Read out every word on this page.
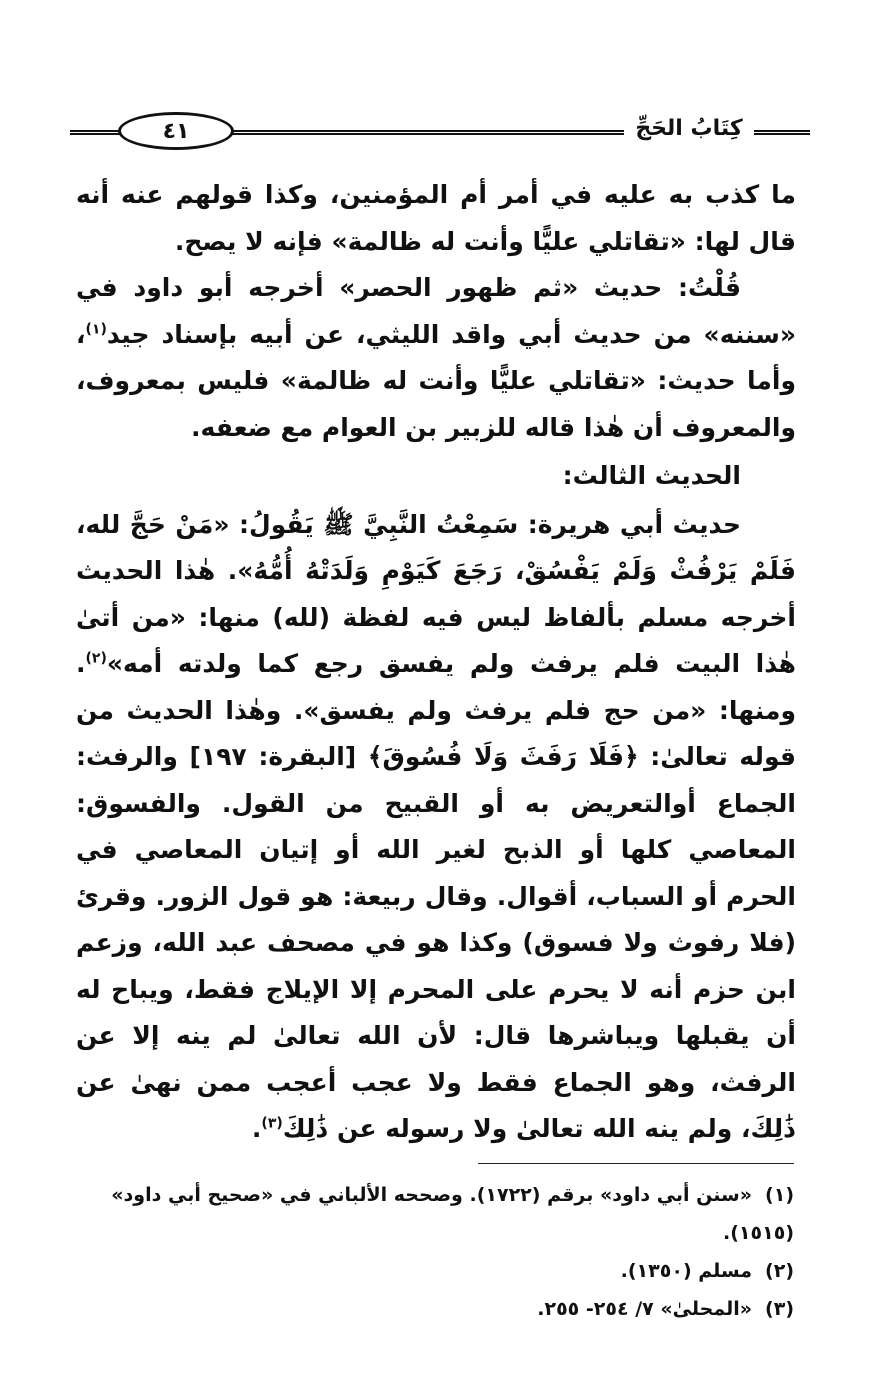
٤١	كِتَابُ الحَجِّ

ما كذب به عليه في أمر أم المؤمنين، وكذا قولهم عنه أنه قال لها: «تقاتلي عليًّا وأنت له ظالمة» فإنه لا يصح.

قُلْتُ: حديث «ثم ظهور الحصر» أخرجه أبو داود في «سننه» من حديث أبي واقد الليثي، عن أبيه بإسناد جيد$^{(١)}$، وأما حديث: «تقاتلي عليًّا وأنت له ظالمة» فليس بمعروف، والمعروف أن هٰذا قاله للزبير بن العوام مع ضعفه.

الحديث الثالث:

حديث أبي هريرة: سَمِعْتُ النَّبِيَّ ﷺ يَقُولُ: «مَنْ حَجَّ لله، فَلَمْ يَرْفُثْ وَلَمْ يَفْسُقْ، رَجَعَ كَيَوْمِ وَلَدَتْهُ أُمُّهُ». هٰذا الحديث أخرجه مسلم بألفاظ ليس فيه لفظة (لله) منها: «من أتىٰ هٰذا البيت فلم يرفث ولم يفسق رجع كما ولدته أمه»$^{(٢)}$. ومنها: «من حج فلم يرفث ولم يفسق». وهٰذا الحديث من قوله تعالىٰ: ﴿فَلَا رَفَثَ وَلَا فُسُوقَ﴾ [البقرة: ١٩٧] والرفث: الجماع أوالتعريض به أو القبيح من القول. والفسوق: المعاصي كلها أو الذبح لغير الله أو إتيان المعاصي في الحرم أو السباب، أقوال. وقال ربيعة: هو قول الزور. وقرئ (فلا رفوث ولا فسوق) وكذا هو في مصحف عبد الله، وزعم ابن حزم أنه لا يحرم على المحرم إلا الإيلاج فقط، ويباح له أن يقبلها ويباشرها قال: لأن الله تعالىٰ لم ينه إلا عن الرفث، وهو الجماع فقط ولا عجب أعجب ممن نهىٰ عن ذَٰلِكَ، ولم ينه الله تعالىٰ ولا رسوله عن ذَٰلِكَ$^{(٣)}$.

(١)«سنن أبي داود» برقم (١٧٢٢). وصححه الألباني في «صحيح أبي داود» (١٥١٥).

(٢)مسلم (١٣٥٠).

(٣)«المحلىٰ» ٧/ ٢٥٤- ٢٥٥.
